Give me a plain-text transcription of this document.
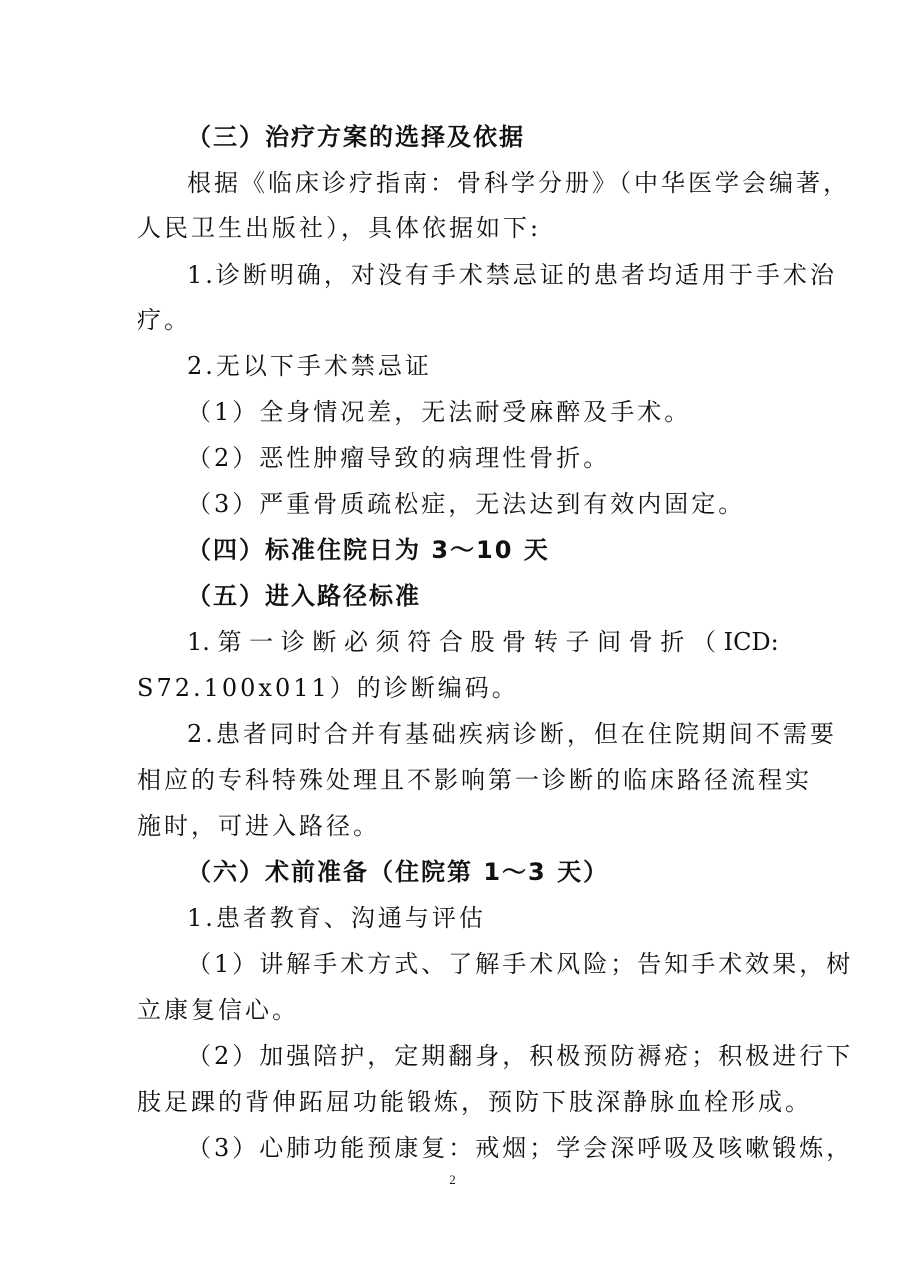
（三）治疗方案的选择及依据
根据《临床诊疗指南：骨科学分册》（中华医学会编著，
人民卫生出版社），具体依据如下:
1.诊断明确，对没有手术禁忌证的患者均适用于手术治
疗。
2.无以下手术禁忌证
（1）全身情况差，无法耐受麻醉及手术。
（2）恶性肿瘤导致的病理性骨折。
（3）严重骨质疏松症，无法达到有效内固定。
（四）标准住院日为 3～10 天
（五）进入路径标准
1. 第 一 诊 断 必 须 符 合 股 骨 转 子 间 骨 折 （ ICD:
S72.100x011）的诊断编码。
2.患者同时合并有基础疾病诊断，但在住院期间不需要
相应的专科特殊处理且不影响第一诊断的临床路径流程实
施时，可进入路径。
（六）术前准备（住院第 1～3 天）
1.患者教育、沟通与评估
（1）讲解手术方式、了解手术风险；告知手术效果，树
立康复信心。
（2）加强陪护，定期翻身，积极预防褥疮；积极进行下
肢足踝的背伸跖屈功能锻炼，预防下肢深静脉血栓形成。
（3）心肺功能预康复：戒烟；学会深呼吸及咳嗽锻炼，
2
